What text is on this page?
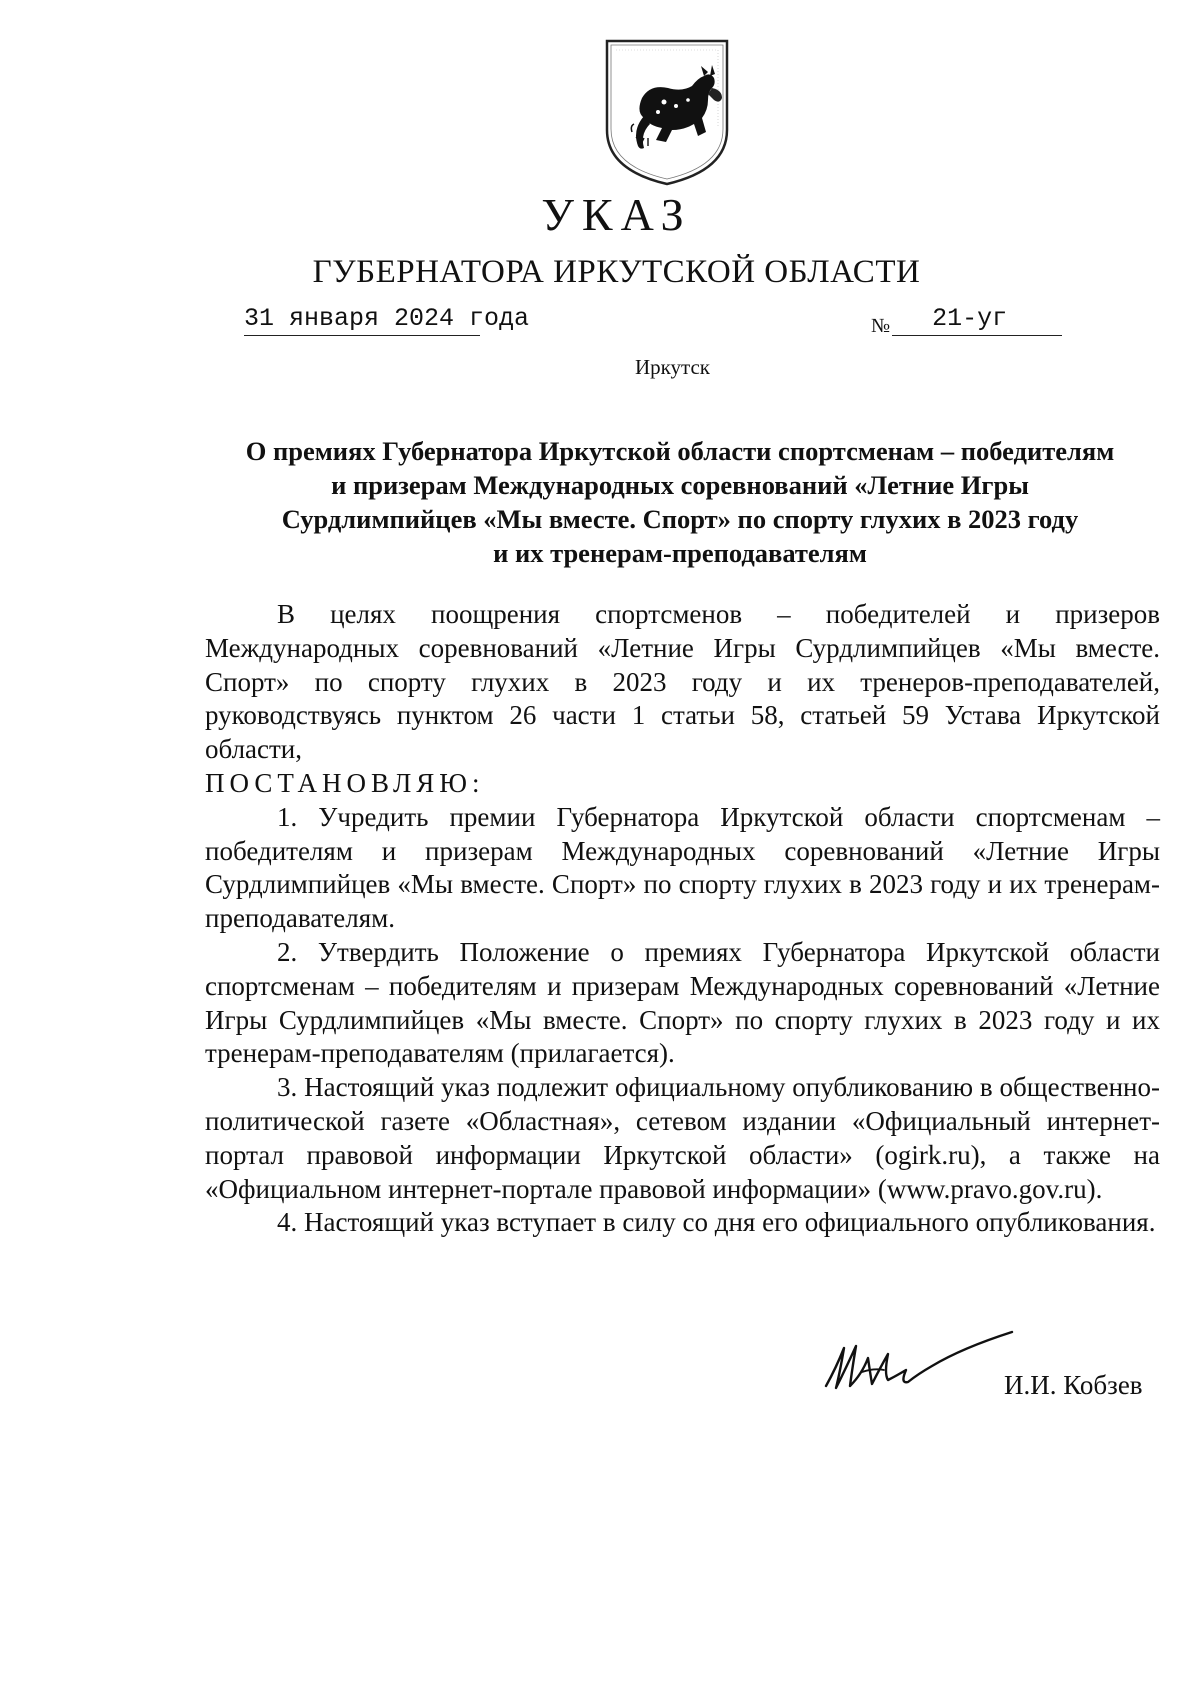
УКАЗ
ГУБЕРНАТОРА ИРКУТСКОЙ ОБЛАСТИ
31 января 2024 года	№ 21-уг
Иркутск
О премиях Губернатора Иркутской области спортсменам – победителям
и призерам Международных соревнований «Летние Игры
Сурдлимпийцев «Мы вместе. Спорт» по спорту глухих в 2023 году
и их тренерам-преподавателям

В целях поощрения спортсменов – победителей и призеров Международных соревнований «Летние Игры Сурдлимпийцев «Мы вместе. Спорт» по спорту глухих в 2023 году и их тренеров-преподавателей, руководствуясь пунктом 26 части 1 статьи 58, статьей 59 Устава Иркутской области,

ПОСТАНОВЛЯЮ:

1. Учредить премии Губернатора Иркутской области спортсменам – победителям и призерам Международных соревнований «Летние Игры Сурдлимпийцев «Мы вместе. Спорт» по спорту глухих в 2023 году и их тренерам-преподавателям.

2. Утвердить Положение о премиях Губернатора Иркутской области спортсменам – победителям и призерам Международных соревнований «Летние Игры Сурдлимпийцев «Мы вместе. Спорт» по спорту глухих в 2023 году и их тренерам-преподавателям (прилагается).

3. Настоящий указ подлежит официальному опубликованию в общественно-политической газете «Областная», сетевом издании «Официальный интернет-портал правовой информации Иркутской области» (ogirk.ru), а также на «Официальном интернет-портале правовой информации» (www.pravo.gov.ru).

4. Настоящий указ вступает в силу со дня его официального опубликования.

И.И. Кобзев
